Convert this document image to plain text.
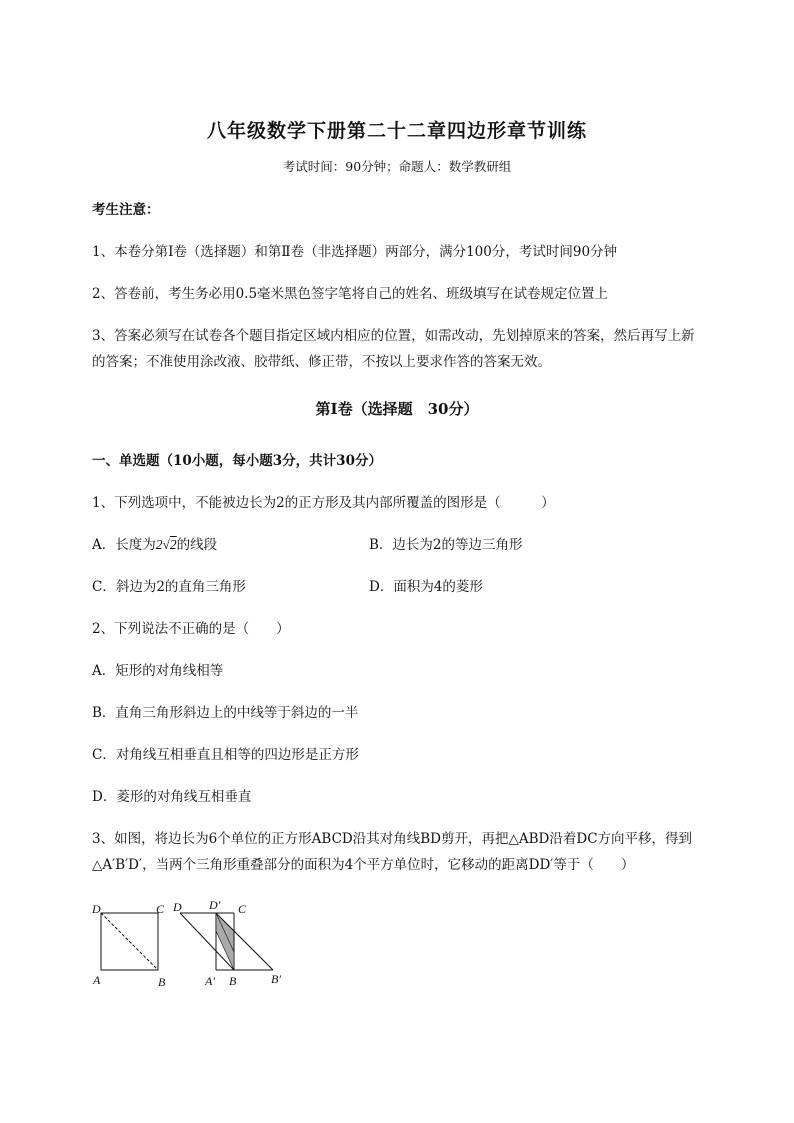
八年级数学下册第二十二章四边形章节训练
考试时间：90分钟；命题人：数学教研组
考生注意：
1、本卷分第I卷（选择题）和第Ⅱ卷（非选择题）两部分，满分100分，考试时间90分钟
2、答卷前，考生务必用0.5毫米黑色签字笔将自己的姓名、班级填写在试卷规定位置上
3、答案必须写在试卷各个题目指定区域内相应的位置，如需改动，先划掉原来的答案，然后再写上新
的答案；不准使用涂改液、胶带纸、修正带，不按以上要求作答的答案无效。
第I卷（选择题　30分）
一、单选题（10小题，每小题3分，共计30分）
1、下列选项中，不能被边长为2的正方形及其内部所覆盖的图形是（　　　）
A．长度为2√2的线段	B．边长为2的等边三角形
C．斜边为2的直角三角形	D．面积为4的菱形
2、下列说法不正确的是（　　）
A．矩形的对角线相等
B．直角三角形斜边上的中线等于斜边的一半
C．对角线互相垂直且相等的四边形是正方形
D．菱形的对角线互相垂直
3、如图，将边长为6个单位的正方形ABCD沿其对角线BD剪开，再把△ABD沿着DC方向平移，得到
△A′B′D′，当两个三角形重叠部分的面积为4个平方单位时，它移动的距离DD′等于（　　）
D	C
A	B
D D′ C
A′ B	B′
